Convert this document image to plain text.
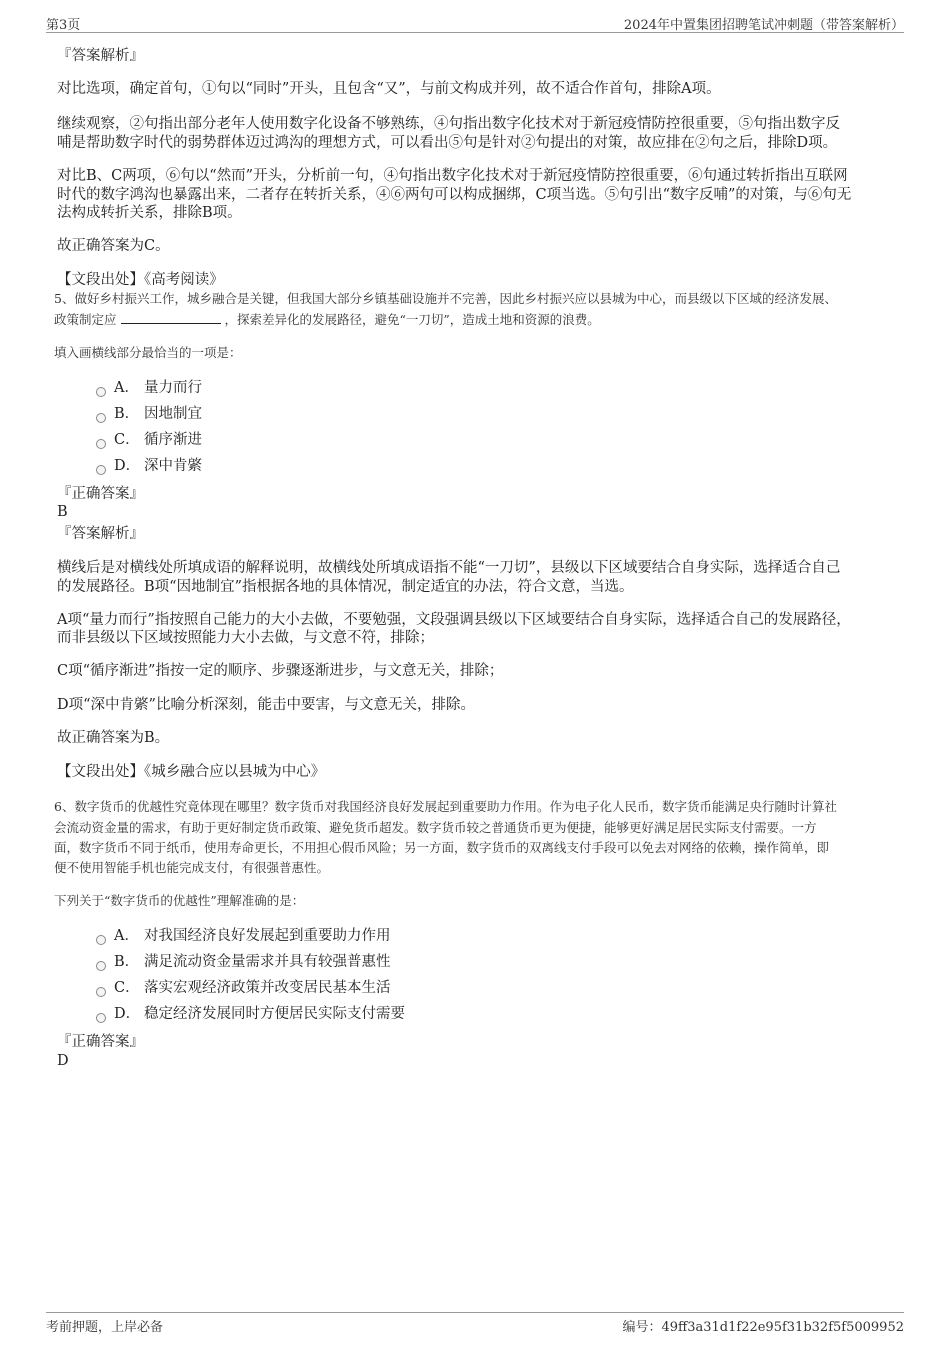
第3页	2024年中置集团招聘笔试冲刺题（带答案解析）

『答案解析』

对比选项，确定首句，①句以“同时”开头，且包含“又”，与前文构成并列，故不适合作首句，排除A项。

继续观察，②句指出部分老年人使用数字化设备不够熟练，④句指出数字化技术对于新冠疫情防控很重要，⑤句指出数字反

哺是帮助数字时代的弱势群体迈过鸿沟的理想方式，可以看出⑤句是针对②句提出的对策，故应排在②句之后，排除D项。

对比B、C两项，⑥句以“然而”开头，分析前一句，④句指出数字化技术对于新冠疫情防控很重要，⑥句通过转折指出互联网

时代的数字鸿沟也暴露出来，二者存在转折关系，④⑥两句可以构成捆绑，C项当选。⑤句引出“数字反哺”的对策，与⑥句无

法构成转折关系，排除B项。

故正确答案为C。

【文段出处】《高考阅读》

5、做好乡村振兴工作，城乡融合是关键，但我国大部分乡镇基础设施并不完善，因此乡村振兴应以县城为中心，而县级以下区域的经济发展、

政策制定应	，探索差异化的发展路径，避免“一刀切”，造成土地和资源的浪费。

填入画横线部分最恰当的一项是：

A． 量力而行
B． 因地制宜
C． 循序渐进
D． 深中肯綮

『正确答案』

B

『答案解析』

横线后是对横线处所填成语的解释说明，故横线处所填成语指不能“一刀切”，县级以下区域要结合自身实际，选择适合自己

的发展路径。B项“因地制宜”指根据各地的具体情况，制定适宜的办法，符合文意，当选。

A项“量力而行”指按照自己能力的大小去做，不要勉强，文段强调县级以下区域要结合自身实际，选择适合自己的发展路径，

而非县级以下区域按照能力大小去做，与文意不符，排除；

C项“循序渐进”指按一定的顺序、步骤逐渐进步，与文意无关，排除；

D项“深中肯綮”比喻分析深刻，能击中要害，与文意无关，排除。

故正确答案为B。

【文段出处】《城乡融合应以县城为中心》

6、数字货币的优越性究竟体现在哪里？数字货币对我国经济良好发展起到重要助力作用。作为电子化人民币，数字货币能满足央行随时计算社

会流动资金量的需求，有助于更好制定货币政策、避免货币超发。数字货币较之普通货币更为便捷，能够更好满足居民实际支付需要。一方

面，数字货币不同于纸币，使用寿命更长，不用担心假币风险；另一方面，数字货币的双离线支付手段可以免去对网络的依赖，操作简单，即

便不使用智能手机也能完成支付，有很强普惠性。

下列关于“数字货币的优越性”理解准确的是：

A． 对我国经济良好发展起到重要助力作用
B． 满足流动资金量需求并具有较强普惠性
C． 落实宏观经济政策并改变居民基本生活
D． 稳定经济发展同时方便居民实际支付需要

『正确答案』

D

考前押题，上岸必备	编号：49ff3a31d1f22e95f31b32f5f5009952
